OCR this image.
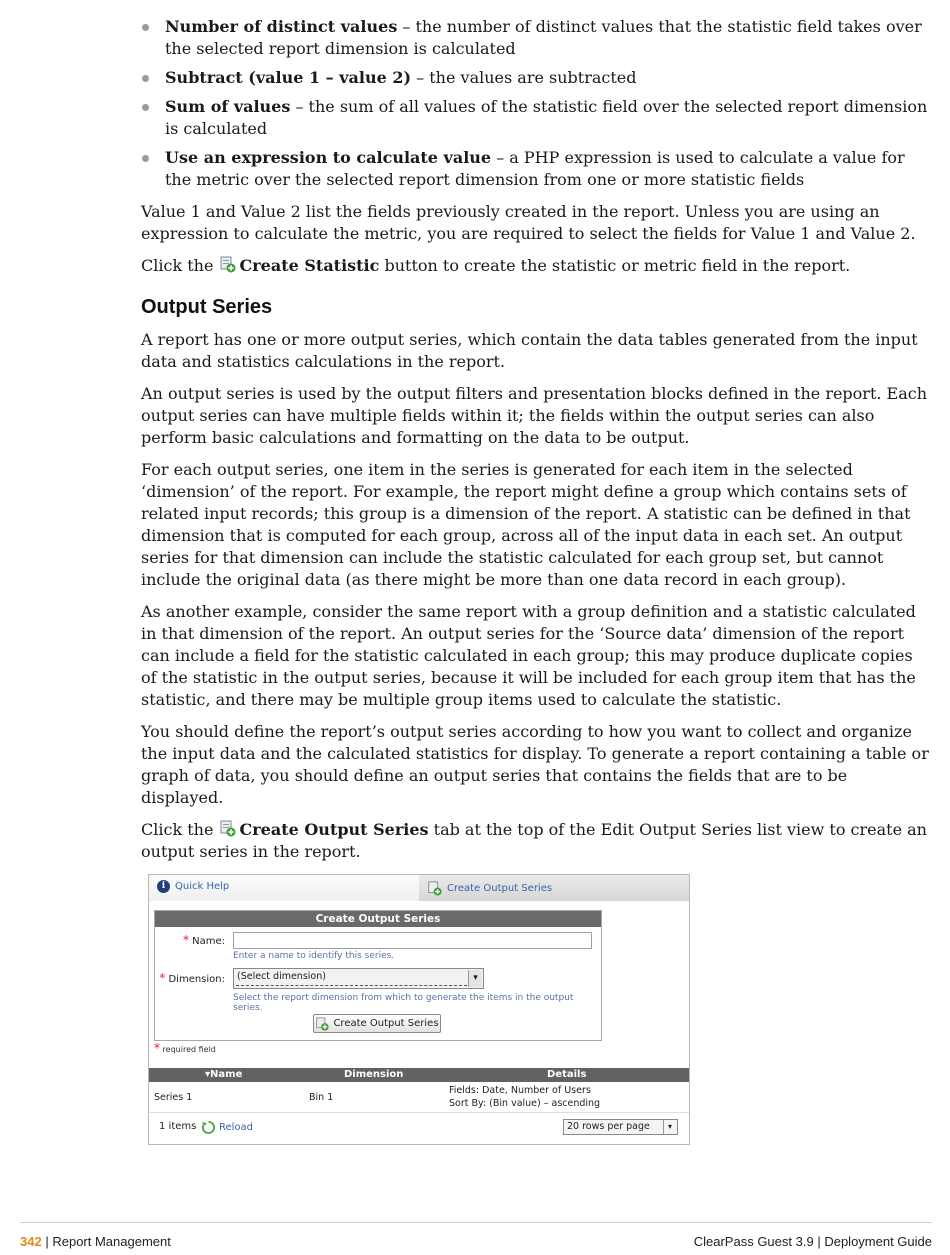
Number of distinct values – the number of distinct values that the statistic field takes over the selected report dimension is calculated
Subtract (value 1 – value 2) – the values are subtracted
Sum of values – the sum of all values of the statistic field over the selected report dimension is calculated
Use an expression to calculate value – a PHP expression is used to calculate a value for the metric over the selected report dimension from one or more statistic fields

Value 1 and Value 2 list the fields previously created in the report. Unless you are using an expression to calculate the metric, you are required to select the fields for Value 1 and Value 2.

Click the Create Statistic button to create the statistic or metric field in the report.

Output Series

A report has one or more output series, which contain the data tables generated from the input data and statistics calculations in the report.

An output series is used by the output filters and presentation blocks defined in the report. Each output series can have multiple fields within it; the fields within the output series can also perform basic calculations and formatting on the data to be output.

For each output series, one item in the series is generated for each item in the selected ‘dimension’ of the report. For example, the report might define a group which contains sets of related input records; this group is a dimension of the report. A statistic can be defined in that dimension that is computed for each group, across all of the input data in each set. An output series for that dimension can include the statistic calculated for each group set, but cannot include the original data (as there might be more than one data record in each group).

As another example, consider the same report with a group definition and a statistic calculated in that dimension of the report. An output series for the ‘Source data’ dimension of the report can include a field for the statistic calculated in each group; this may produce duplicate copies of the statistic in the output series, because it will be included for each group item that has the statistic, and there may be multiple group items used to calculate the statistic.

You should define the report’s output series according to how you want to collect and organize the input data and the calculated statistics for display. To generate a report containing a table or graph of data, you should define an output series that contains the fields that are to be displayed.

Click the Create Output Series tab at the top of the Edit Output Series list view to create an output series in the report.

i Quick Help	Create Output Series
Create Output Series
* Name:
Enter a name to identify this series.
* Dimension: (Select dimension)	▾
Select the report dimension from which to generate the items in the output series.
Create Output Series
* required field
▾ Name	Dimension	Details
Series 1	Bin 1
Fields: Date, Number of Users
Sort By: (Bin value) – ascending
1 items Reload	20 rows per page	▾
342 | Report Management	ClearPass Guest 3.9 | Deployment Guide
